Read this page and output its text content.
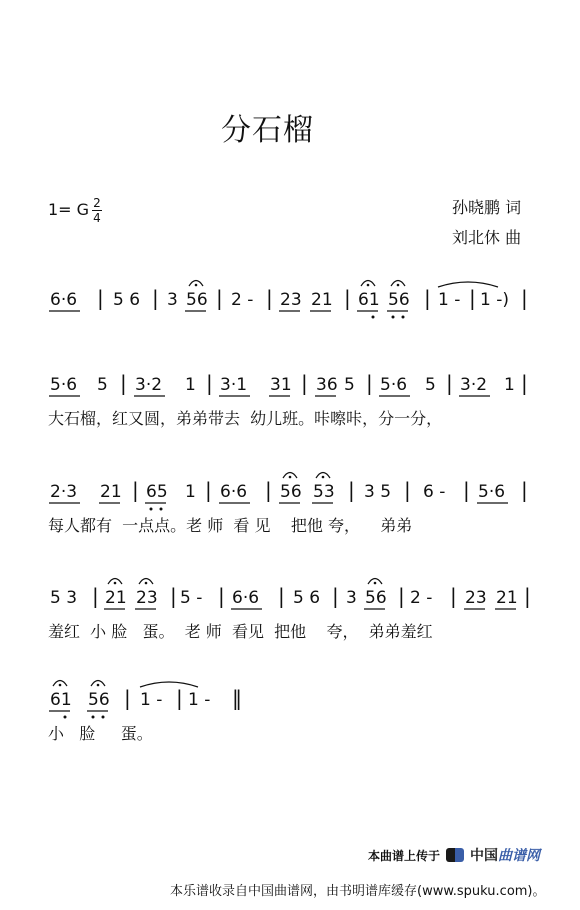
分石榴
1= G 2
4
孙晓鹏 词
刘北休 曲
6·6 | 5 6 | 3 56 | 2 - | 23 21 | 61 56 | 1 - | 1 -) |
5·6 5 | 3·2 1 | 3·1 31 | 36 5 | 5·6 5 | 3·2 1 |
大石榴，红又圆，弟弟带去  幼儿班。咔嚓咔，分一分，
2·3 21 | 65 1 | 6·6 | 56 53 | 3 5 | 6 - | 5·6 |
每人都有  一点点。老 师  看 见    把他 夸，    弟弟
5 3 | 21 23 | 5 - | 6·6 | 5 6 | 3 56 | 2 - | 23 21 |
羞红  小 脸   蛋。  老 师  看见  把他    夸，  弟弟羞红
61 56 | 1 - | 1 - ‖
小   脸     蛋。
本曲谱上传于 中国曲谱网
本乐谱收录自中国曲谱网，由书明谱库缓存(www.spuku.com)。
